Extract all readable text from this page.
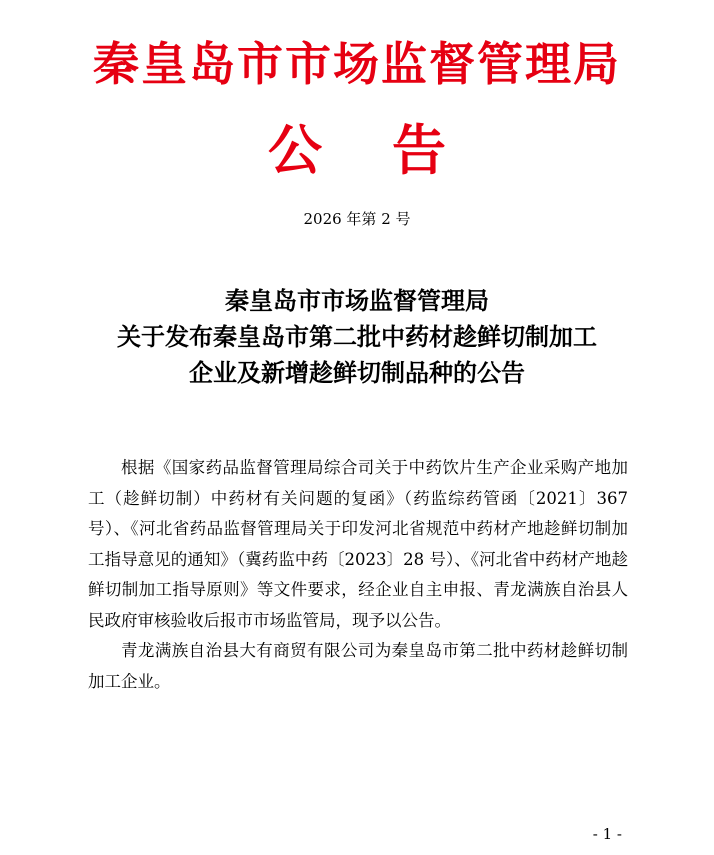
秦皇岛市市场监督管理局
公 告
2026 年第 2 号
秦皇岛市市场监督管理局
关于发布秦皇岛市第二批中药材趁鲜切制加工
企业及新增趁鲜切制品种的公告

根据《国家药品监督管理局综合司关于中药饮片生产企业采购产地加工（趁鲜切制）中药材有关问题的复函》（药监综药管函〔2021〕367 号）、《河北省药品监督管理局关于印发河北省规范中药材产地趁鲜切制加工指导意见的通知》（冀药监中药〔2023〕28 号）、《河北省中药材产地趁鲜切制加工指导原则》等文件要求，经企业自主申报、青龙满族自治县人民政府审核验收后报市市场监管局，现予以公告。

青龙满族自治县大有商贸有限公司为秦皇岛市第二批中药材趁鲜切制加工企业。

- 1 -
